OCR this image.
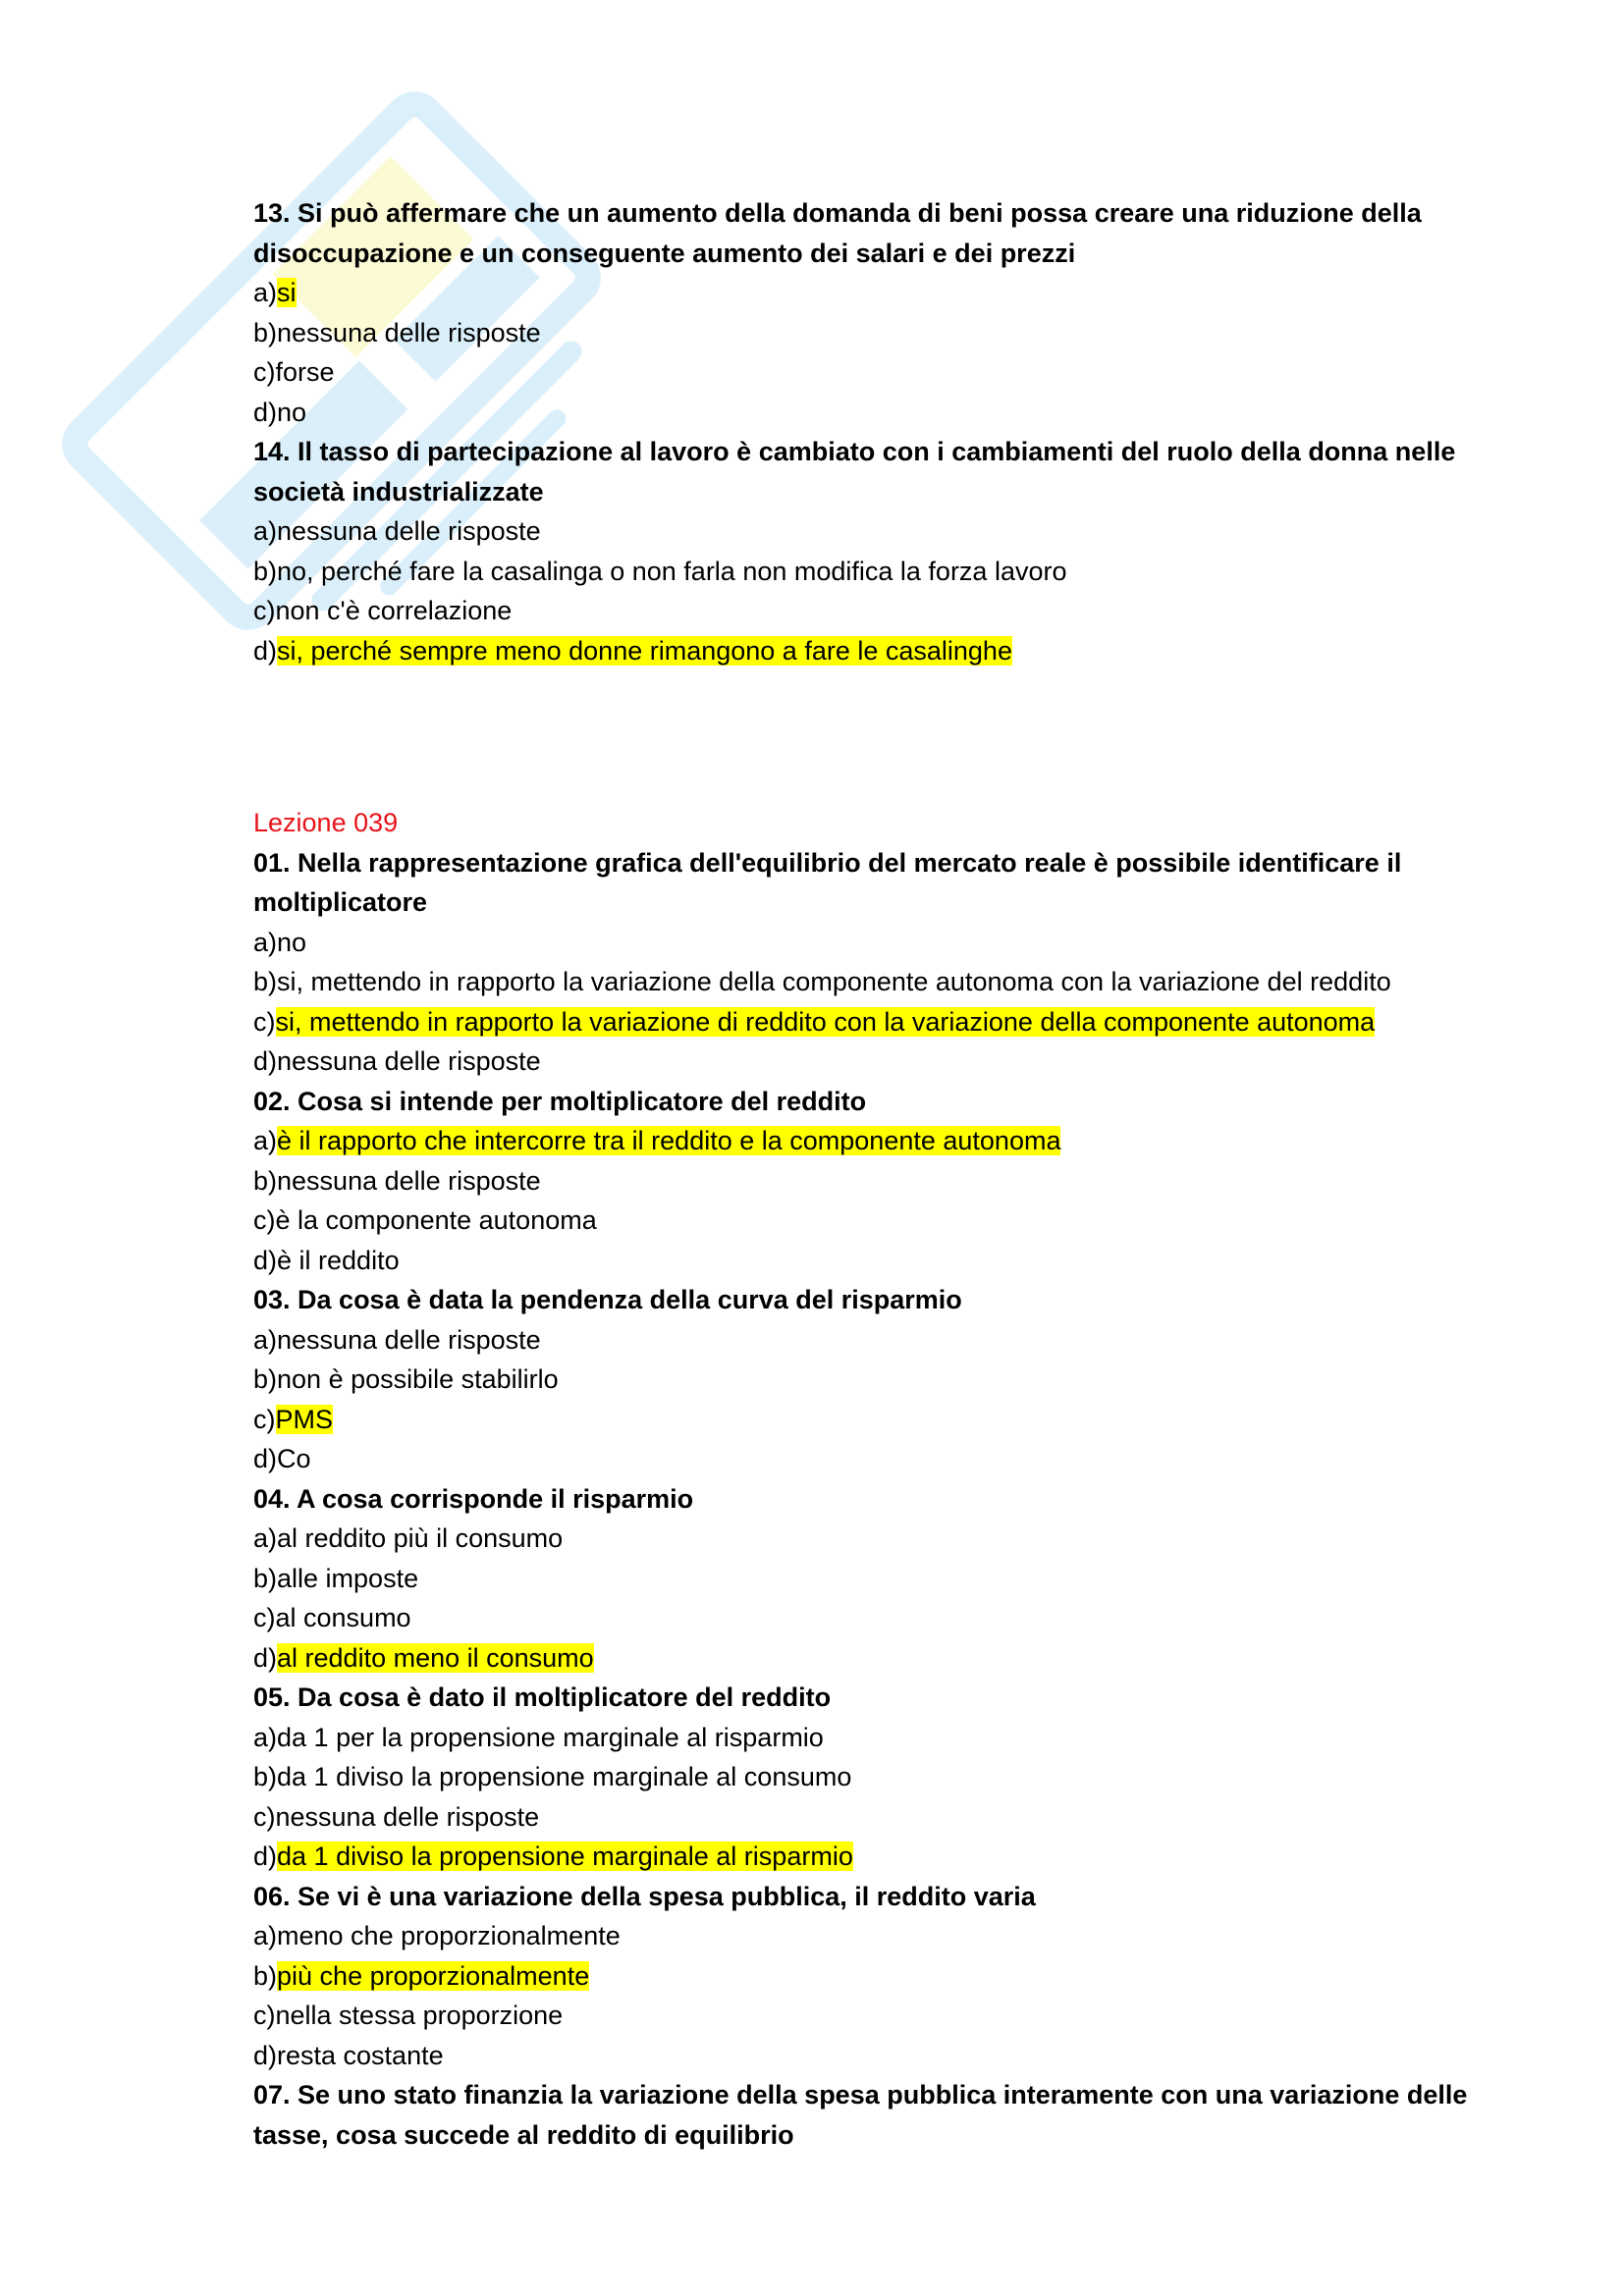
13. Si può affermare che un aumento della domanda di beni possa creare una riduzione della
disoccupazione e un conseguente aumento dei salari e dei prezzi
a)si
b)nessuna delle risposte
c)forse
d)no
14. Il tasso di partecipazione al lavoro è cambiato con i cambiamenti del ruolo della donna nelle
società industrializzate
a)nessuna delle risposte
b)no, perché fare la casalinga o non farla non modifica la forza lavoro
c)non c'è correlazione
d)si, perché sempre meno donne rimangono a fare le casalinghe
Lezione 039
01. Nella rappresentazione grafica dell'equilibrio del mercato reale è possibile identificare il
moltiplicatore
a)no
b)si, mettendo in rapporto la variazione della componente autonoma con la variazione del reddito
c)si, mettendo in rapporto la variazione di reddito con la variazione della componente autonoma
d)nessuna delle risposte
02. Cosa si intende per moltiplicatore del reddito
a)è il rapporto che intercorre tra il reddito e la componente autonoma
b)nessuna delle risposte
c)è la componente autonoma
d)è il reddito
03. Da cosa è data la pendenza della curva del risparmio
a)nessuna delle risposte
b)non è possibile stabilirlo
c)PMS
d)Co
04. A cosa corrisponde il risparmio
a)al reddito più il consumo
b)alle imposte
c)al consumo
d)al reddito meno il consumo
05. Da cosa è dato il moltiplicatore del reddito
a)da 1 per la propensione marginale al risparmio
b)da 1 diviso la propensione marginale al consumo
c)nessuna delle risposte
d)da 1 diviso la propensione marginale al risparmio
06. Se vi è una variazione della spesa pubblica, il reddito varia
a)meno che proporzionalmente
b)più che proporzionalmente
c)nella stessa proporzione
d)resta costante
07. Se uno stato finanzia la variazione della spesa pubblica interamente con una variazione delle
tasse, cosa succede al reddito di equilibrio
